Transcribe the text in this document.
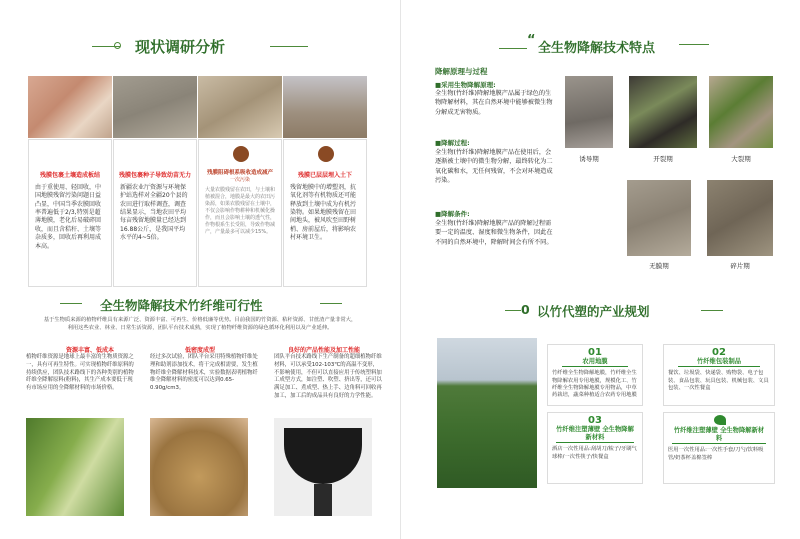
现状调研分析
残膜包裹土壤造成板结
由于重使用、轻回收，中国地膜残留污染问题日益凸显，中国当季农膜回收率普遍低于2/3,特别是超薄地膜，老化后易破碎回收，而且含秸秆、土壤等杂质多，回收后再利用成本高。
残膜包裹种子导致幼苗无力
新疆农业厅资源与环境保护站选样对全疆20个县的农田进行取样调查，调查结果显示，当地农田平均每亩残留地膜量已经达到16.88公斤，是我国平均水平的4~5倍。
残膜阻碍根系吸收造成减产
一次污染
大量农膜残留在农田，与土壤和植被混合，地膜是最大的农田污染源，如果农膜残留在土壤中，不仅会影响作物耕种和机械化操作，而且会影响土壤的透气性，作物根系生长受阻，导致作物减产，产量最多可以减少15%。
残膜已层层埋入土下
残留地膜中的增塑剂，抗氧化剂等有机物质还可能释放到土壤中成为有机污染物。如果地膜残留在田间地头，被风吹至田野树梢、房前屋后，将影响农村环境卫生。
全生物降解技术竹纤维可行性
基于生物质来源的植物纤维具有来源广泛、资源丰富、可再生、价格低廉等优势。目前我国的竹资源、秸秆资源、甘蔗渣产量非常大，利用这些农业、林业、日常生活资源，团队平台技术成熟，实现了植物纤维资源的绿色循环化利用以及产业延伸。
资源丰富、低成本
植物纤维资源是地球上最丰富的生物质资源之一，具有可再生特性。可实现植物纤维原料的持续供应，团队技术路线下的各种类别的植物纤维全降解原料(粉料)，其生产成本要低于现有市场应用的全降解材料的市场价格。
低密度成型
经过多次试验，团队平台采用特殊植物纤维处理和助剂添加技术，将干完成相需要，发生植物纤维全降解材料技术，实验数据表明植物纤维全降解材料的密度可以达到0.65-0.90g/cm3。
良好的产品性能及加工性能
团队平台技术路线下生产制备的超细植物纤维材料，可以承受102-103℃的高温不变形，不影响使用，不但可以直接应用于传统塑料加工成型方式，如注塑、吹塑、挤出等，还可以满足加工、煮成型、热上手、边角料可回收再加工，加工后的成品具有良好的力学性能。
“
全生物降解技术特点
降解原理与过程
■采用生物降解原理:
全生物(竹纤维)降解地膜产品属于绿色的生物降解材料，其在自然环境中能够被微生物分解成无害物质。
■降解过程:
全生物(竹纤维)降解地膜产品在使用后，会逐渐被土壤中的微生物分解，最终转化为二氧化碳和水，无任何残留，不会对环境造成污染。
■降解条件:
全生物(竹纤维)降解地膜产品的降解过程需要一定的温度、湿度和微生物条件，因此在不同的自然环境中，降解时间会有所不同。
诱导期	开裂期	大裂期
无膜期	碎片期
0 以竹代塑的产业规划
01
农用地膜
竹纤维全生物降解地膜，竹纤维全生物降解农用专用地膜，规模化工、竹纤维全生物降解地膜专用物品，中草药栽培，蔬菜种植适合农药专用地膜
02
竹纤维包装制品
餐饮、垃圾袋、快递袋、购物袋、电子包装、食品包装、玩具包装、机械包装、文具包装、一次性餐盒
03
竹纤维注塑薄壁 全生物降解新材料
酒店一次性用品:刮胡刀/梳子/牙刷气球棒/一次性筷子/快餐盒
竹纤维注塑薄壁 全生物降解新材料
医用一次性用品:一次性手套/刀勺/饮料吸管/奶茶杯盖棉签棒
